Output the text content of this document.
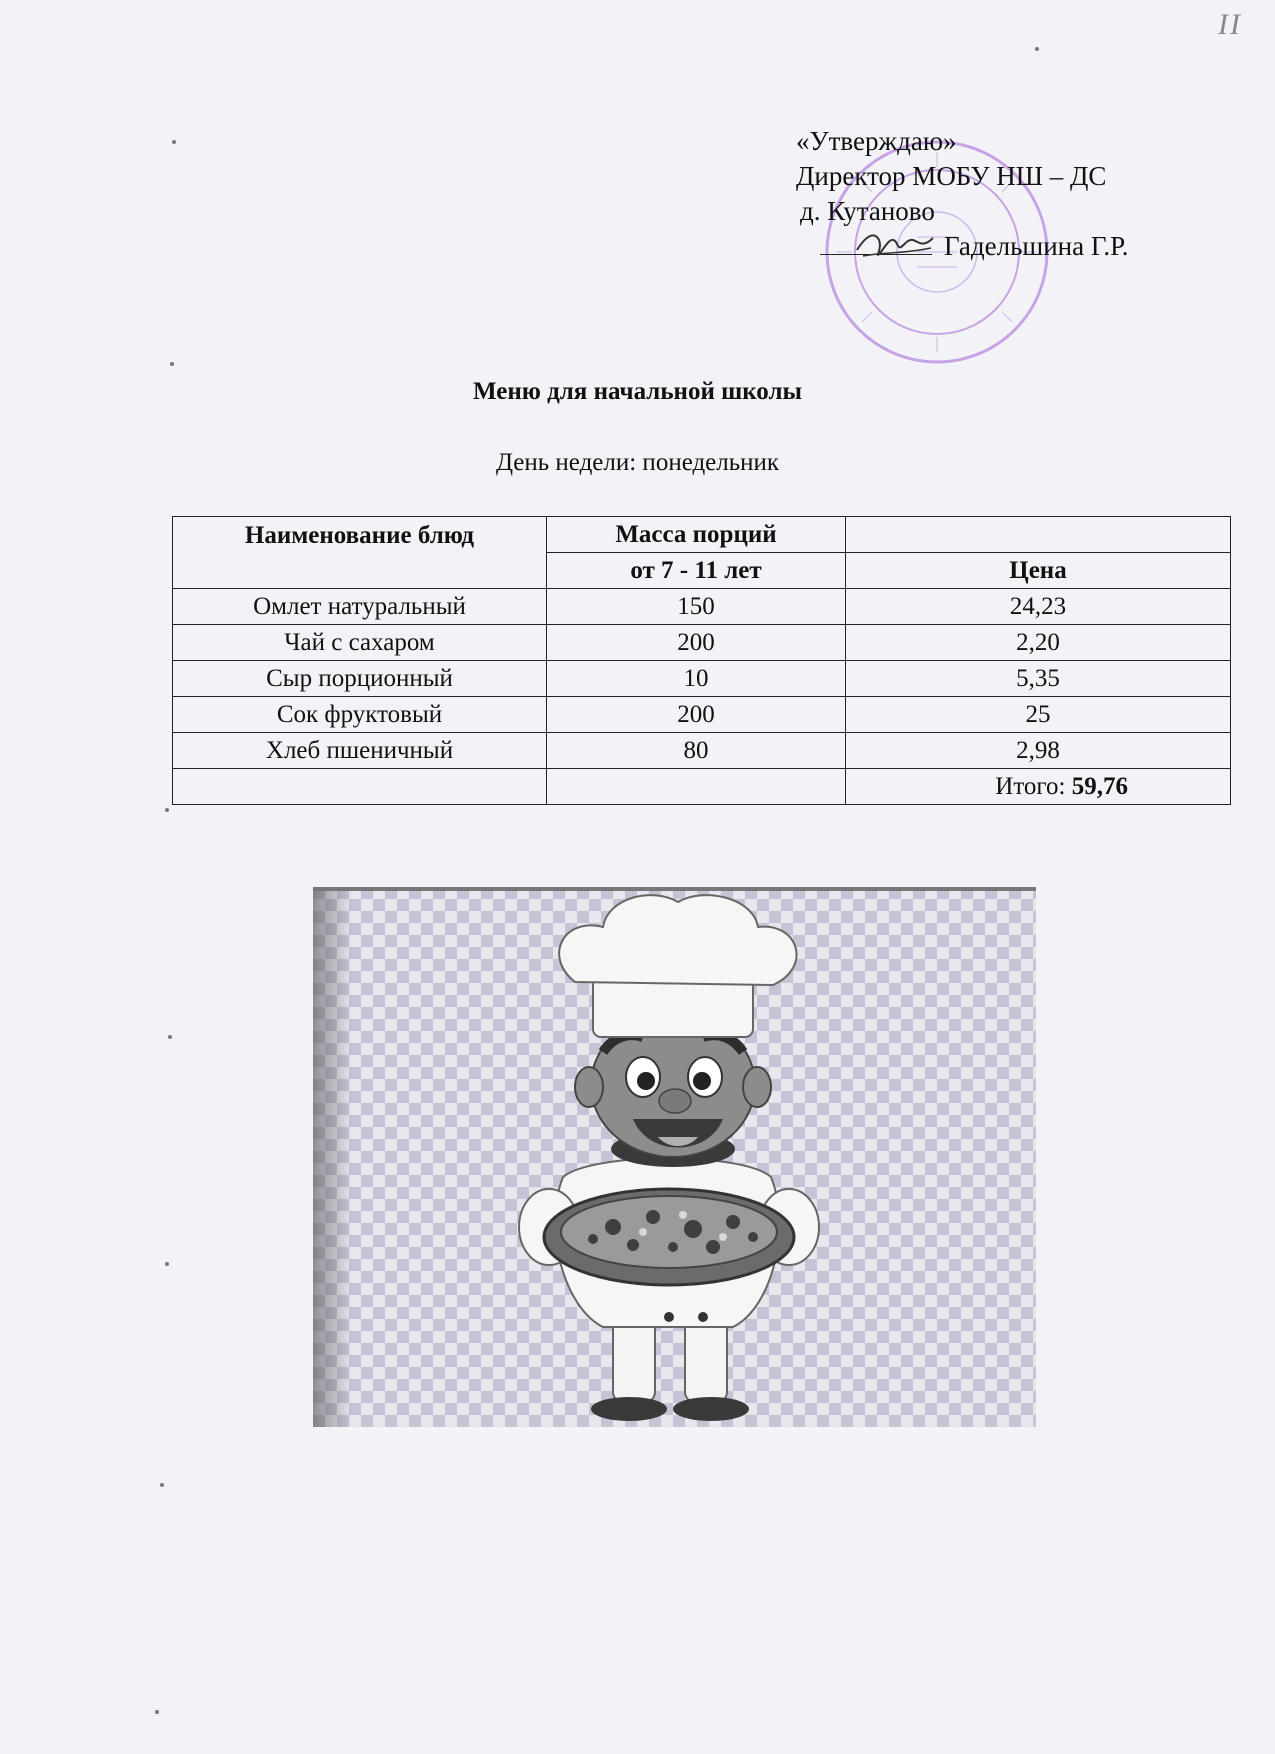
II
«Утверждаю»
Директор МОБУ НШ – ДС
д. Кутаново
Гадельшина Г.Р.
Меню для начальной школы
День недели: понедельник
Наименование блюд	Масса порций	
	от 7 - 11 лет	Цена
Омлет натуральный	150	24,23
Чай с сахаром	200	2,20
Сыр порционный	10	5,35
Сок фруктовый	200	25
Хлеб пшеничный	80	2,98
		Итого: 59,76
